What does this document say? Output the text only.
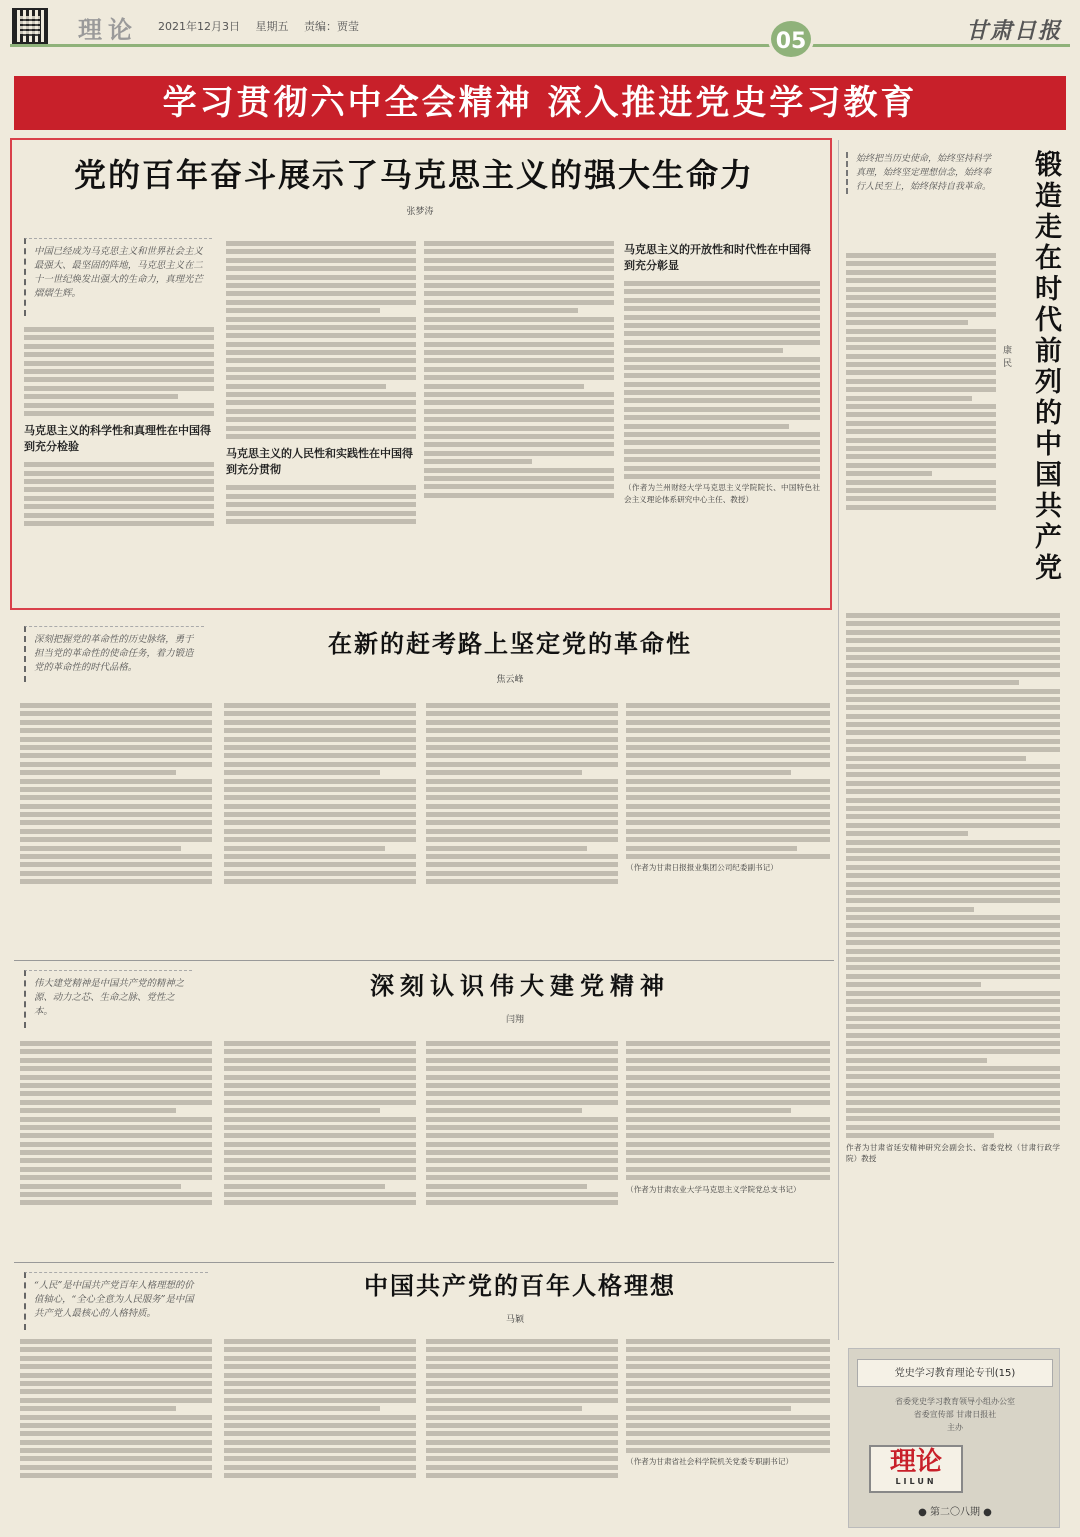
理论 2021年12月3日 星期五 责编：贾莹
05	甘肃日报
学习贯彻六中全会精神 深入推进党史学习教育
党的百年奋斗展示了马克思主义的强大生命力
张梦涛
中国已经成为马克思主义和世界社会主义最强大、最坚固的阵地，马克思主义在二十一世纪焕发出强大的生命力，真理光芒熠熠生辉。
马克思主义的科学性和真理性在中国得到充分检验
马克思主义的人民性和实践性在中国得到充分贯彻
马克思主义的开放性和时代性在中国得到充分彰显
（作者为兰州财经大学马克思主义学院院长、中国特色社会主义理论体系研究中心主任、教授）
始终把当历史使命，始终坚持科学真理，始终坚定理想信念，始终奉行人民至上，始终保持自我革命。 锻造走在时代前列的中国共产党
康民
作者为甘肃省延安精神研究会副会长、省委党校（甘肃行政学院）教授
深刻把握党的革命性的历史脉络，勇于担当党的革命性的使命任务，着力锻造党的革命性的时代品格。
在新的赶考路上坚定党的革命性
焦云峰
（作者为甘肃日报报业集团公司纪委副书记）
伟大建党精神是中国共产党的精神之源、动力之芯、生命之脉、党性之本。
深刻认识伟大建党精神
闫翔
（作者为甘肃农业大学马克思主义学院党总支书记）
“人民”是中国共产党百年人格理想的价值轴心，“全心全意为人民服务”是中国共产党人最核心的人格特质。
中国共产党的百年人格理想
马颖
（作者为甘肃省社会科学院机关党委专职副书记）
党史学习教育理论专刊(15)
省委党史学习教育领导小组办公室
省委宣传部 甘肃日报社
主办
理论
LILUN
● 第二〇八期 ●
